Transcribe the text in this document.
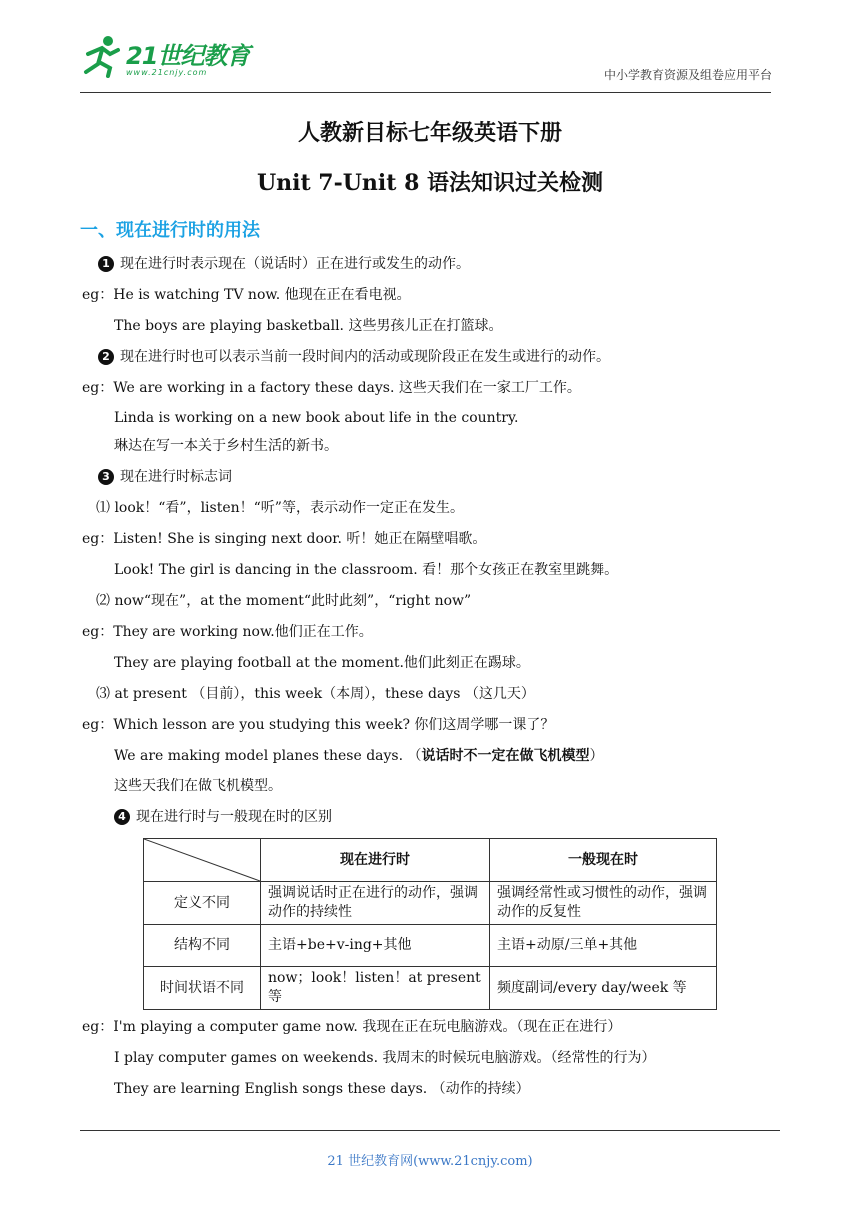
21世纪教育
www.21cnjy.com	中小学教育资源及组卷应用平台
人教新目标七年级英语下册
Unit 7-Unit 8 语法知识过关检测
一、现在进行时的用法
1 现在进行时表示现在（说话时）正在进行或发生的动作。
eg：He is watching TV now. 他现在正在看电视。
The boys are playing basketball. 这些男孩儿正在打篮球。
2 现在进行时也可以表示当前一段时间内的活动或现阶段正在发生或进行的动作。
eg：We are working in a factory these days. 这些天我们在一家工厂工作。
Linda is working on a new book about life in the country.
琳达在写一本关于乡村生活的新书。
3 现在进行时标志词
⑴ look！“看”，listen！“听”等，表示动作一定正在发生。
eg：Listen! She is singing next door. 听！她正在隔壁唱歌。
Look! The girl is dancing in the classroom. 看！那个女孩正在教室里跳舞。
⑵ now“现在”，at the moment“此时此刻”，“right now”
eg：They are working now.他们正在工作。
They are playing football at the moment.他们此刻正在踢球。
⑶ at present （目前），this week（本周），these days （这几天）
eg：Which lesson are you studying this week? 你们这周学哪一课了？
We are making model planes these days. （说话时不一定在做飞机模型）
这些天我们在做飞机模型。
4 现在进行时与一般现在时的区别
	现在进行时	一般现在时
定义不同	强调说话时正在进行的动作，强调动作的持续性	强调经常性或习惯性的动作，强调动作的反复性
结构不同	主语+be+v-ing+其他	主语+动原/三单+其他
时间状语不同	now；look！listen！at present 等	频度副词/every day/week 等
eg：I'm playing a computer game now. 我现在正在玩电脑游戏。（现在正在进行）
I play computer games on weekends. 我周末的时候玩电脑游戏。（经常性的行为）
They are learning English songs these days. （动作的持续）
21 世纪教育网(www.21cnjy.com)
